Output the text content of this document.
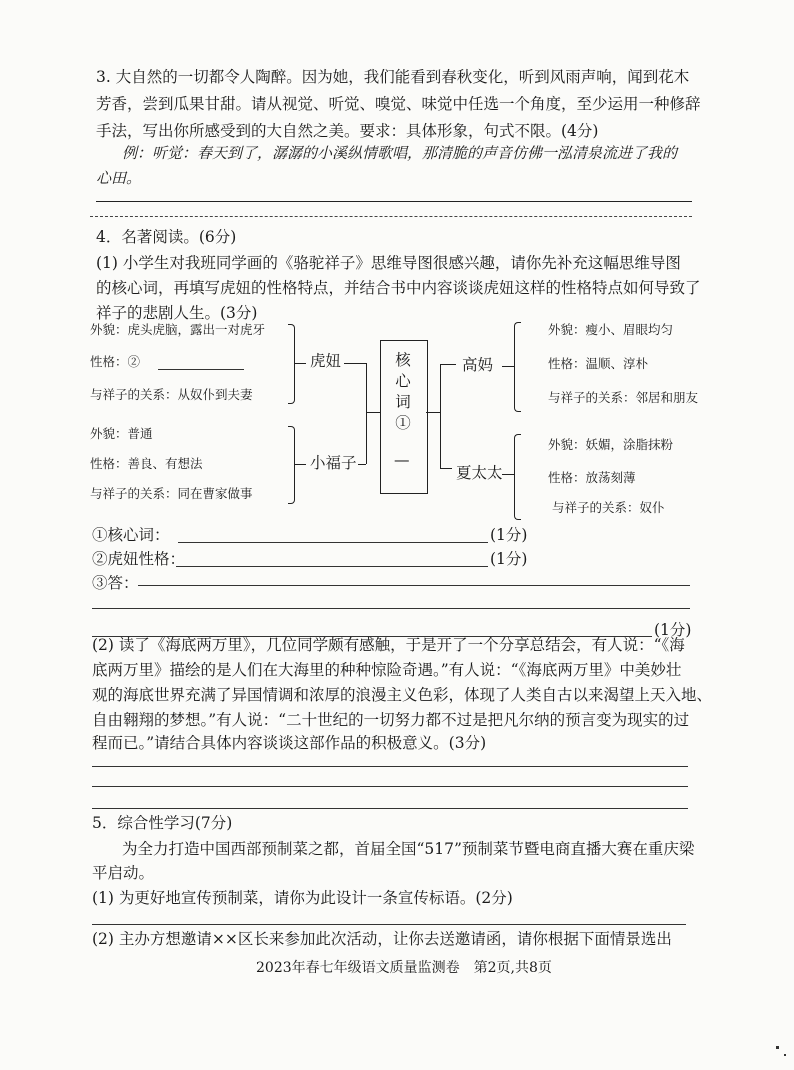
3. 大自然的一切都令人陶醉。因为她，我们能看到春秋变化，听到风雨声响，闻到花木
芳香，尝到瓜果甘甜。请从视觉、听觉、嗅觉、味觉中任选一个角度，至少运用一种修辞
手法，写出你所感受到的大自然之美。要求：具体形象，句式不限。(4分)
例：听觉：春天到了，潺潺的小溪纵情歌唱，那清脆的声音仿佛一泓清泉流进了我的
心田。
4．名著阅读。(6分)
(1) 小学生对我班同学画的《骆驼祥子》思维导图很感兴趣，请你先补充这幅思维导图
的核心词，再填写虎妞的性格特点，并结合书中内容谈谈虎妞这样的性格特点如何导致了
祥子的悲剧人生。(3分)
外貌：虎头虎脑，露出一对虎牙
性格：②
与祥子的关系：从奴仆到夫妻
虎妞
外貌：普通
性格：善良、有想法
与祥子的关系：同在曹家做事
小福子
核心词①
—
高妈
夏太太
外貌：瘦小、眉眼均匀
性格：温顺、淳朴
与祥子的关系：邻居和朋友
外貌：妖媚，涂脂抹粉
性格：放荡刻薄
与祥子的关系：奴仆
①核心词：	(1分)
②虎妞性格：	(1分)
③答：
(1分)
(2) 读了《海底两万里》，几位同学颇有感触，于是开了一个分享总结会，有人说：“《海
底两万里》描绘的是人们在大海里的种种惊险奇遇。”有人说：“《海底两万里》中美妙壮
观的海底世界充满了异国情调和浓厚的浪漫主义色彩，体现了人类自古以来渴望上天入地、
自由翱翔的梦想。”有人说：“二十世纪的一切努力都不过是把凡尔纳的预言变为现实的过
程而已。”请结合具体内容谈谈这部作品的积极意义。(3分)
5．综合性学习(7分)
为全力打造中国西部预制菜之都，首届全国“517”预制菜节暨电商直播大赛在重庆梁
平启动。
(1) 为更好地宣传预制菜，请你为此设计一条宣传标语。(2分)
(2) 主办方想邀请××区长来参加此次活动，让你去送邀请函，请你根据下面情景选出
2023年春七年级语文质量监测卷　第2页,共8页
